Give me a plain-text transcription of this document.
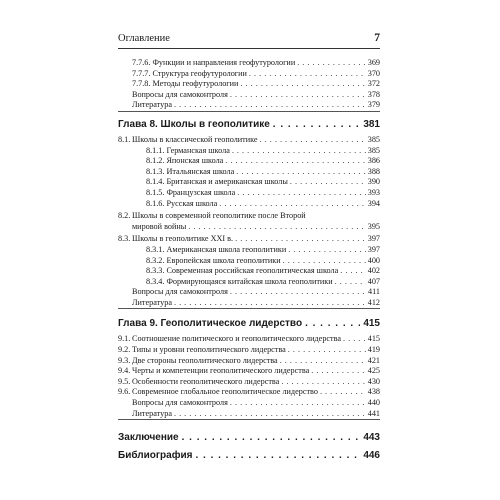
Оглавление	7
7.7.6. Функции и направления геофутурологии . . .	369
7.7.7. Структура геофутурологии . . .	370
7.7.8. Методы геофутурологии . . .	372
Вопросы для самоконтроля . . .	378
Литература . . .	379
Глава 8. Школы в геополитике . . .	381
8.1. Школы в классической геополитике . . .	385
8.1.1. Германская школа . . .	385
8.1.2. Японская школа . . .	386
8.1.3. Итальянская школа . . .	388
8.1.4. Британская и американская школы . . .	390
8.1.5. Французская школа . . .	393
8.1.6. Русская школа . . .	394
8.2. Школы в современной геополитике после Второй
мировой войны . . .	395
8.3. Школы в геополитике XXI в. . . .	397
8.3.1. Американская школа геополитики . . .	397
8.3.2. Европейская школа геополитики . . .	400
8.3.3. Современная российская геополитическая школа . . .	402
8.3.4. Формирующаяся китайская школа геополитики . . .	407
Вопросы для самоконтроля . . .	411
Литература . . .	412
Глава 9. Геополитическое лидерство . . .	415
9.1. Соотношение политического и геополитического лидерства . . .	415
9.2. Типы и уровни геополитического лидерства . . .	419
9.3. Две стороны геополитического лидерства . . .	421
9.4. Черты и компетенции геополитического лидерства . . .	425
9.5. Особенности геополитического лидерства . . .	430
9.6. Современное глобальное геополитическое лидерство . . .	438
Вопросы для самоконтроля . . .	440
Литература . . .	441
Заключение . . .	443
Библиография . . .	446
